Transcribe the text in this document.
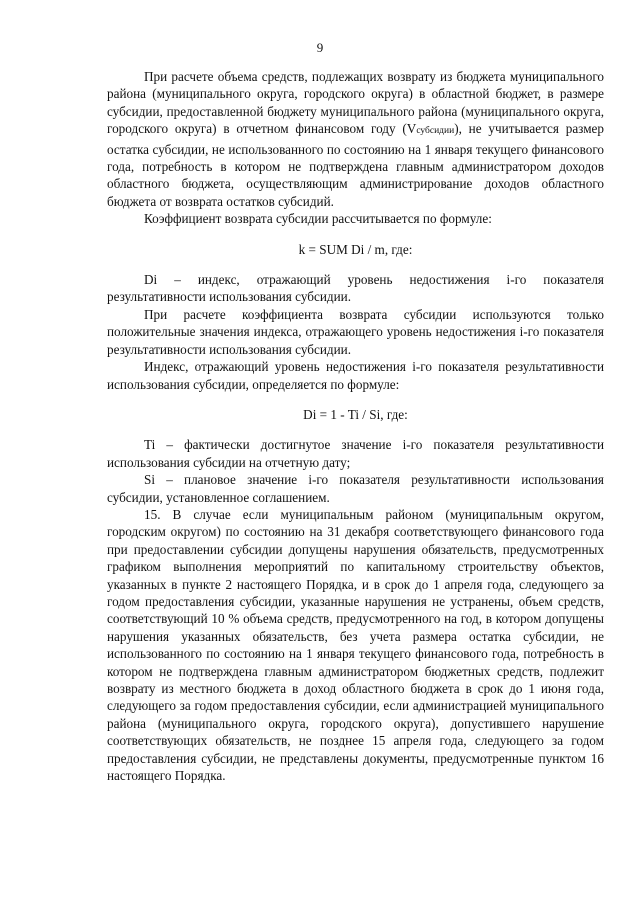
9

При расчете объема средств, подлежащих возврату из бюджета муниципального района (муниципального округа, городского округа) в областной бюджет, в размере субсидии, предоставленной бюджету муниципального района (муниципального округа, городского округа) в отчетном финансовом году (Vсубсидии), не учитывается размер остатка субсидии, не использованного по состоянию на 1 января текущего финансового года, потребность в котором не подтверждена главным администратором доходов областного бюджета, осуществляющим администрирование доходов областного бюджета от возврата остатков субсидий.

Коэффициент возврата субсидии рассчитывается по формуле:

k = SUM Di / m, где:

Di – индекс, отражающий уровень недостижения i-го показателя результативности использования субсидии.

При расчете коэффициента возврата субсидии используются только положительные значения индекса, отражающего уровень недостижения i-го показателя результативности использования субсидии.

Индекс, отражающий уровень недостижения i-го показателя результативности использования субсидии, определяется по формуле:

Di = 1 - Ti / Si, где:

Ti – фактически достигнутое значение i-го показателя результативности использования субсидии на отчетную дату;

Si – плановое значение i-го показателя результативности использования субсидии, установленное соглашением.

15. В случае если муниципальным районом (муниципальным округом, городским округом) по состоянию на 31 декабря соответствующего финансового года при предоставлении субсидии допущены нарушения обязательств, предусмотренных графиком выполнения мероприятий по капитальному строительству объектов, указанных в пункте 2 настоящего Порядка, и в срок до 1 апреля года, следующего за годом предоставления субсидии, указанные нарушения не устранены, объем средств, соответствующий 10 % объема средств, предусмотренного на год, в котором допущены нарушения указанных обязательств, без учета размера остатка субсидии, не использованного по состоянию на 1 января текущего финансового года, потребность в котором не подтверждена главным администратором бюджетных средств, подлежит возврату из местного бюджета в доход областного бюджета в срок до 1 июня года, следующего за годом предоставления субсидии, если администрацией муниципального района (муниципального округа, городского округа), допустившего нарушение соответствующих обязательств, не позднее 15 апреля года, следующего за годом предоставления субсидии, не представлены документы, предусмотренные пунктом 16 настоящего Порядка.
